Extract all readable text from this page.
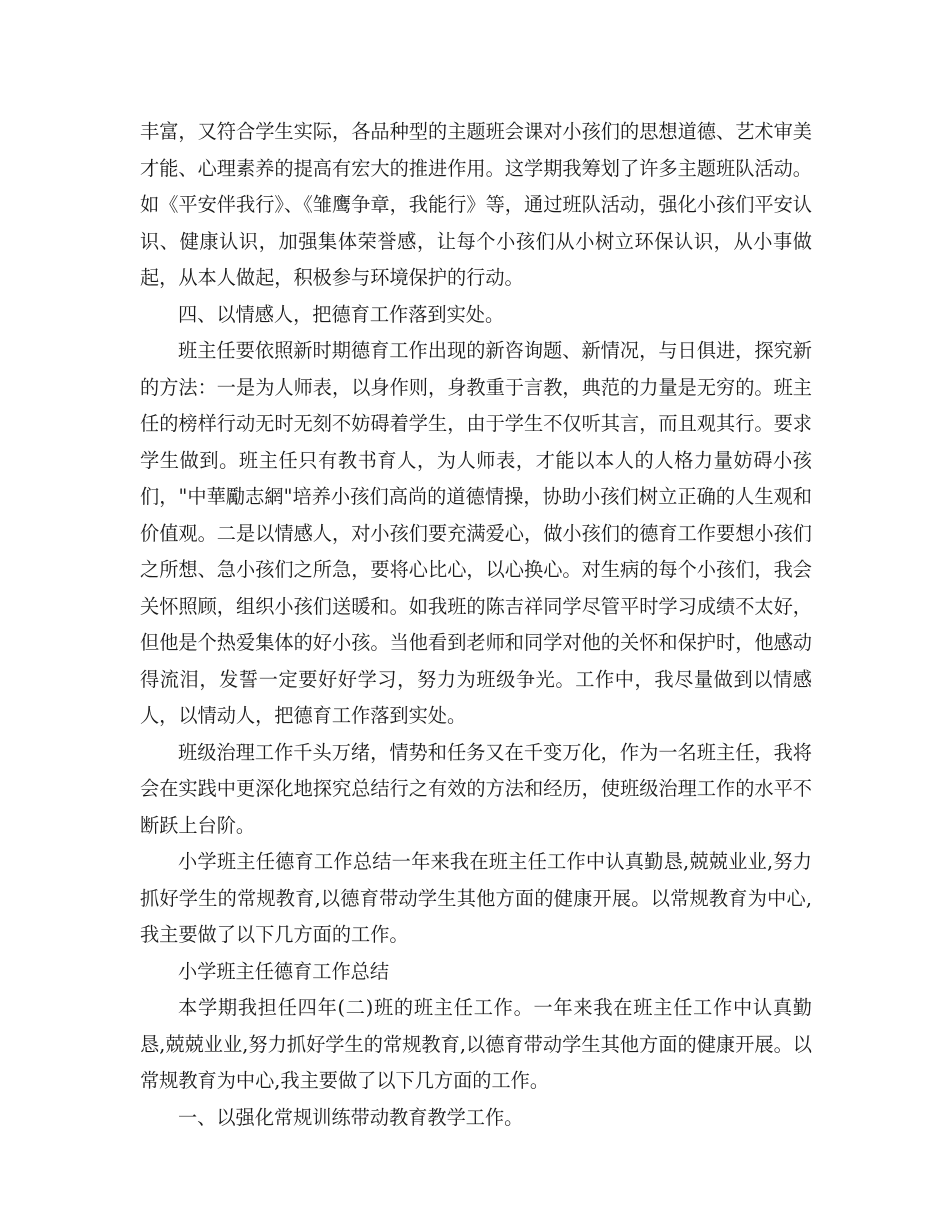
丰富，又符合学生实际，各品种型的主题班会课对小孩们的思想道德、艺术审美才能、心理素养的提高有宏大的推进作用。这学期我筹划了许多主题班队活动。如《平安伴我行》、《雏鹰争章，我能行》等，通过班队活动，强化小孩们平安认识、健康认识，加强集体荣誉感，让每个小孩们从小树立环保认识，从小事做起，从本人做起，积极参与环境保护的行动。

四、以情感人，把德育工作落到实处。

班主任要依照新时期德育工作出现的新咨询题、新情况，与日俱进，探究新的方法：一是为人师表，以身作则，身教重于言教，典范的力量是无穷的。班主任的榜样行动无时无刻不妨碍着学生，由于学生不仅听其言，而且观其行。要求学生做到。班主任只有教书育人，为人师表，才能以本人的人格力量妨碍小孩们，"中華勵志網"培养小孩们高尚的道德情操，协助小孩们树立正确的人生观和价值观。二是以情感人，对小孩们要充满爱心，做小孩们的德育工作要想小孩们之所想、急小孩们之所急，要将心比心，以心换心。对生病的每个小孩们，我会关怀照顾，组织小孩们送暖和。如我班的陈吉祥同学尽管平时学习成绩不太好，但他是个热爱集体的好小孩。当他看到老师和同学对他的关怀和保护时，他感动得流泪，发誓一定要好好学习，努力为班级争光。工作中，我尽量做到以情感人，以情动人，把德育工作落到实处。

班级治理工作千头万绪，情势和任务又在千变万化，作为一名班主任，我将会在实践中更深化地探究总结行之有效的方法和经历，使班级治理工作的水平不断跃上台阶。

小学班主任德育工作总结一年来我在班主任工作中认真勤恳,兢兢业业,努力抓好学生的常规教育,以德育带动学生其他方面的健康开展。以常规教育为中心,我主要做了以下几方面的工作。

小学班主任德育工作总结

本学期我担任四年(二)班的班主任工作。一年来我在班主任工作中认真勤恳,兢兢业业,努力抓好学生的常规教育,以德育带动学生其他方面的健康开展。以常规教育为中心,我主要做了以下几方面的工作。

一、以强化常规训练带动教育教学工作。
